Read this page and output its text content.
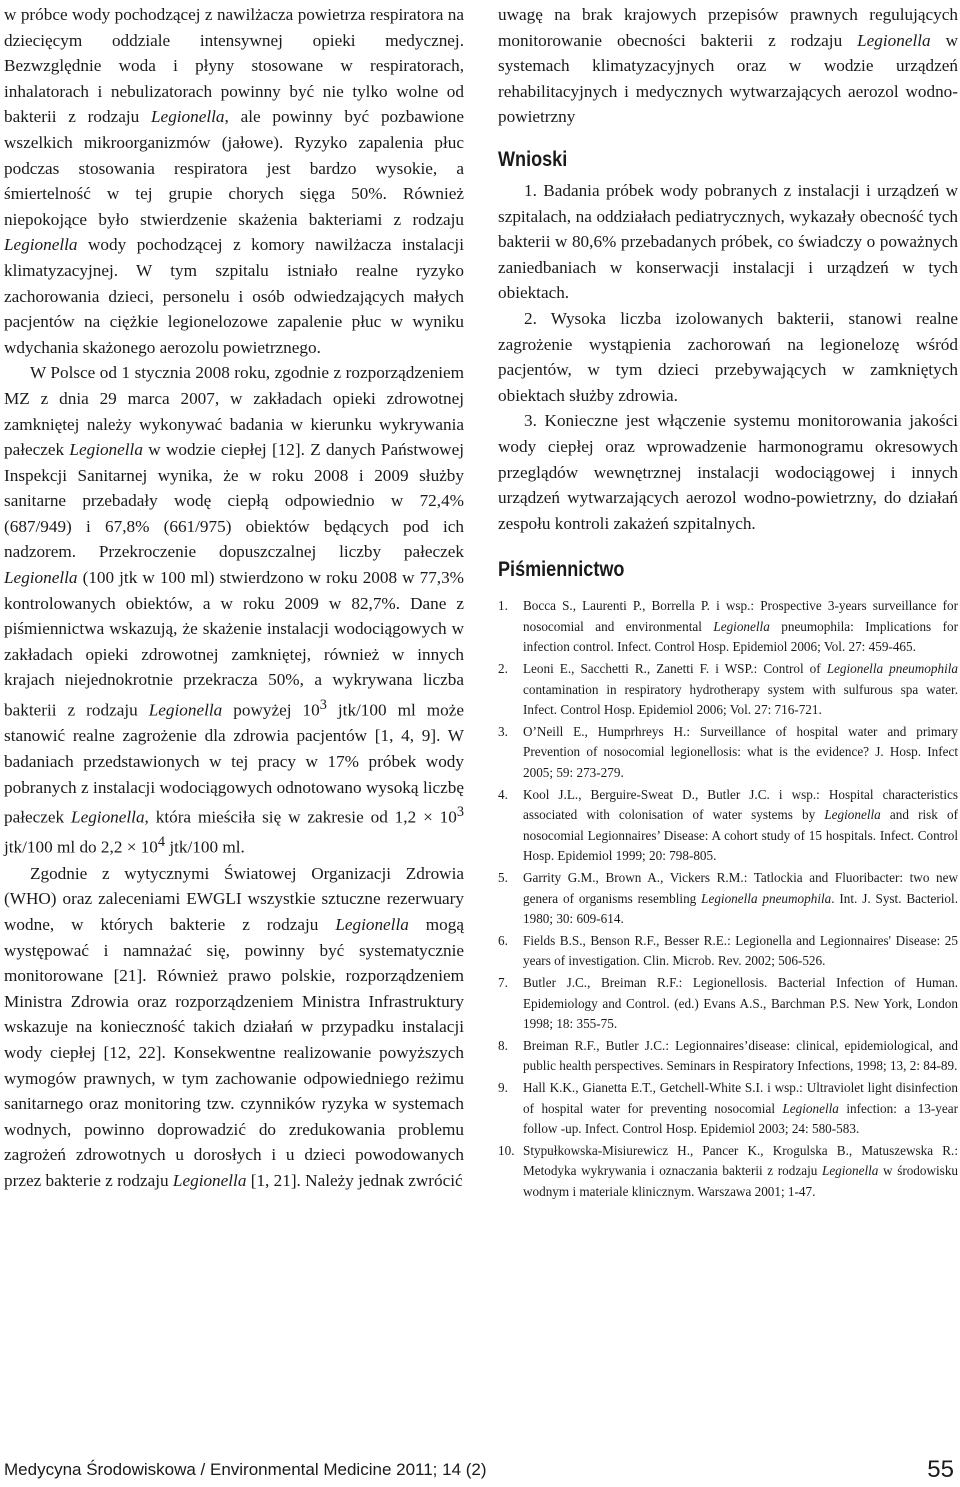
w próbce wody pochodzącej z nawilżacza powietrza respiratora na dziecięcym oddziale intensywnej opieki medycznej. Bezwzględnie woda i płyny stosowane w respiratorach, inhalatorach i nebulizatorach powinny być nie tylko wolne od bakterii z rodzaju Legionella, ale powinny być pozbawione wszelkich mikroorganizmów (jałowe). Ryzyko zapalenia płuc podczas stosowania respiratora jest bardzo wysokie, a śmiertelność w tej grupie chorych sięga 50%. Również niepokojące było stwierdzenie skażenia bakteriami z rodzaju Legionella wody pochodzącej z komory nawilżacza instalacji klimatyzacyjnej. W tym szpitalu istniało realne ryzyko zachorowania dzieci, personelu i osób odwiedzających małych pacjentów na ciężkie legionelozowe zapalenie płuc w wyniku wdychania skażonego aerozolu powietrznego.

W Polsce od 1 stycznia 2008 roku, zgodnie z rozporządzeniem MZ z dnia 29 marca 2007, w zakładach opieki zdrowotnej zamkniętej należy wykonywać badania w kierunku wykrywania pałeczek Legionella w wodzie ciepłej [12]. Z danych Państwowej Inspekcji Sanitarnej wynika, że w roku 2008 i 2009 służby sanitarne przebadały wodę ciepłą odpowiednio w 72,4% (687/949) i 67,8% (661/975) obiektów będących pod ich nadzorem. Przekroczenie dopuszczalnej liczby pałeczek Legionella (100 jtk w 100 ml) stwierdzono w roku 2008 w 77,3% kontrolowanych obiektów, a w roku 2009 w 82,7%. Dane z piśmiennictwa wskazują, że skażenie instalacji wodociągowych w zakładach opieki zdrowotnej zamkniętej, również w innych krajach niejednokrotnie przekracza 50%, a wykrywana liczba bakterii z rodzaju Legionella powyżej $10^3$ jtk/100 ml może stanowić realne zagrożenie dla zdrowia pacjentów [1, 4, 9]. W badaniach przedstawionych w tej pracy w 17% próbek wody pobranych z instalacji wodociągowych odnotowano wysoką liczbę pałeczek Legionella, która mieściła się w zakresie od $1,2 \times 10^3$ jtk/100 ml do $2,2 \times 10^4$ jtk/100 ml.

Zgodnie z wytycznymi Światowej Organizacji Zdrowia (WHO) oraz zaleceniami EWGLI wszystkie sztuczne rezerwuary wodne, w których bakterie z rodzaju Legionella mogą występować i namnażać się, powinny być systematycznie monitorowane [21]. Również prawo polskie, rozporządzeniem Ministra Zdrowia oraz rozporządzeniem Ministra Infrastruktury wskazuje na konieczność takich działań w przypadku instalacji wody ciepłej [12, 22]. Konsekwentne realizowanie powyższych wymogów prawnych, w tym zachowanie odpowiedniego reżimu sanitarnego oraz monitoring tzw. czynników ryzyka w systemach wodnych, powinno doprowadzić do zredukowania problemu zagrożeń zdrowotnych u dorosłych i u dzieci powodowanych przez bakterie z rodzaju Legionella [1, 21]. Należy jednak zwrócić

uwagę na brak krajowych przepisów prawnych regulujących monitorowanie obecności bakterii z rodzaju Legionella w systemach klimatyzacyjnych oraz w wodzie urządzeń rehabilitacyjnych i medycznych wytwarzających aerozol wodno-powietrzny

Wnioski

1. Badania próbek wody pobranych z instalacji i urządzeń w szpitalach, na oddziałach pediatrycznych, wykazały obecność tych bakterii w 80,6% przebadanych próbek, co świadczy o poważnych zaniedbaniach w konserwacji instalacji i urządzeń w tych obiektach.

2. Wysoka liczba izolowanych bakterii, stanowi realne zagrożenie wystąpienia zachorowań na legionelozę wśród pacjentów, w tym dzieci przebywających w zamkniętych obiektach służby zdrowia.

3. Konieczne jest włączenie systemu monitorowania jakości wody ciepłej oraz wprowadzenie harmonogramu okresowych przeglądów wewnętrznej instalacji wodociągowej i innych urządzeń wytwarzających aerozol wodno-powietrzny, do działań zespołu kontroli zakażeń szpitalnych.

Piśmiennictwo
1. Bocca S., Laurenti P., Borrella P. i wsp.: Prospective 3-years surveillance for nosocomial and environmental Legionella pneumophila: Implications for infection control. Infect. Control Hosp. Epidemiol 2006; Vol. 27: 459-465.
2. Leoni E., Sacchetti R., Zanetti F. i WSP.: Control of Legionella pneumophila contamination in respiratory hydrotherapy system with sulfurous spa water. Infect. Control Hosp. Epidemiol 2006; Vol. 27: 716-721.
3. O’Neill E., Humprhreys H.: Surveillance of hospital water and primary Prevention of nosocomial legionellosis: what is the evidence? J. Hosp. Infect 2005; 59: 273-279.
4. Kool J.L., Berguire-Sweat D., Butler J.C. i wsp.: Hospital characteristics associated with colonisation of water systems by Legionella and risk of nosocomial Legionnaires’ Disease: A cohort study of 15 hospitals. Infect. Control Hosp. Epidemiol 1999; 20: 798-805.
5. Garrity G.M., Brown A., Vickers R.M.: Tatlockia and Fluoribacter: two new genera of organisms resembling Legionella pneumophila. Int. J. Syst. Bacteriol. 1980; 30: 609-614.
6. Fields B.S., Benson R.F., Besser R.E.: Legionella and Legionnaires' Disease: 25 years of investigation. Clin. Microb. Rev. 2002; 506-526.
7. Butler J.C., Breiman R.F.: Legionellosis. Bacterial Infection of Human. Epidemiology and Control. (ed.) Evans A.S., Barchman P.S. New York, London 1998; 18: 355-75.
8. Breiman R.F., Butler J.C.: Legionnaires’disease: clinical, epidemiological, and public health perspectives. Seminars in Respiratory Infections, 1998; 13, 2: 84-89.
9. Hall K.K., Gianetta E.T., Getchell-White S.I. i wsp.: Ultraviolet light disinfection of hospital water for preventing nosocomial Legionella infection: a 13-year follow -up. Infect. Control Hosp. Epidemiol 2003; 24: 580-583.
10. Stypułkowska-Misiurewicz H., Pancer K., Krogulska B., Matuszewska R.: Metodyka wykrywania i oznaczania bakterii z rodzaju Legionella w środowisku wodnym i materiale klinicznym. Warszawa 2001; 1-47.
Medycyna Środowiskowa / Environmental Medicine 2011; 14 (2)	55
